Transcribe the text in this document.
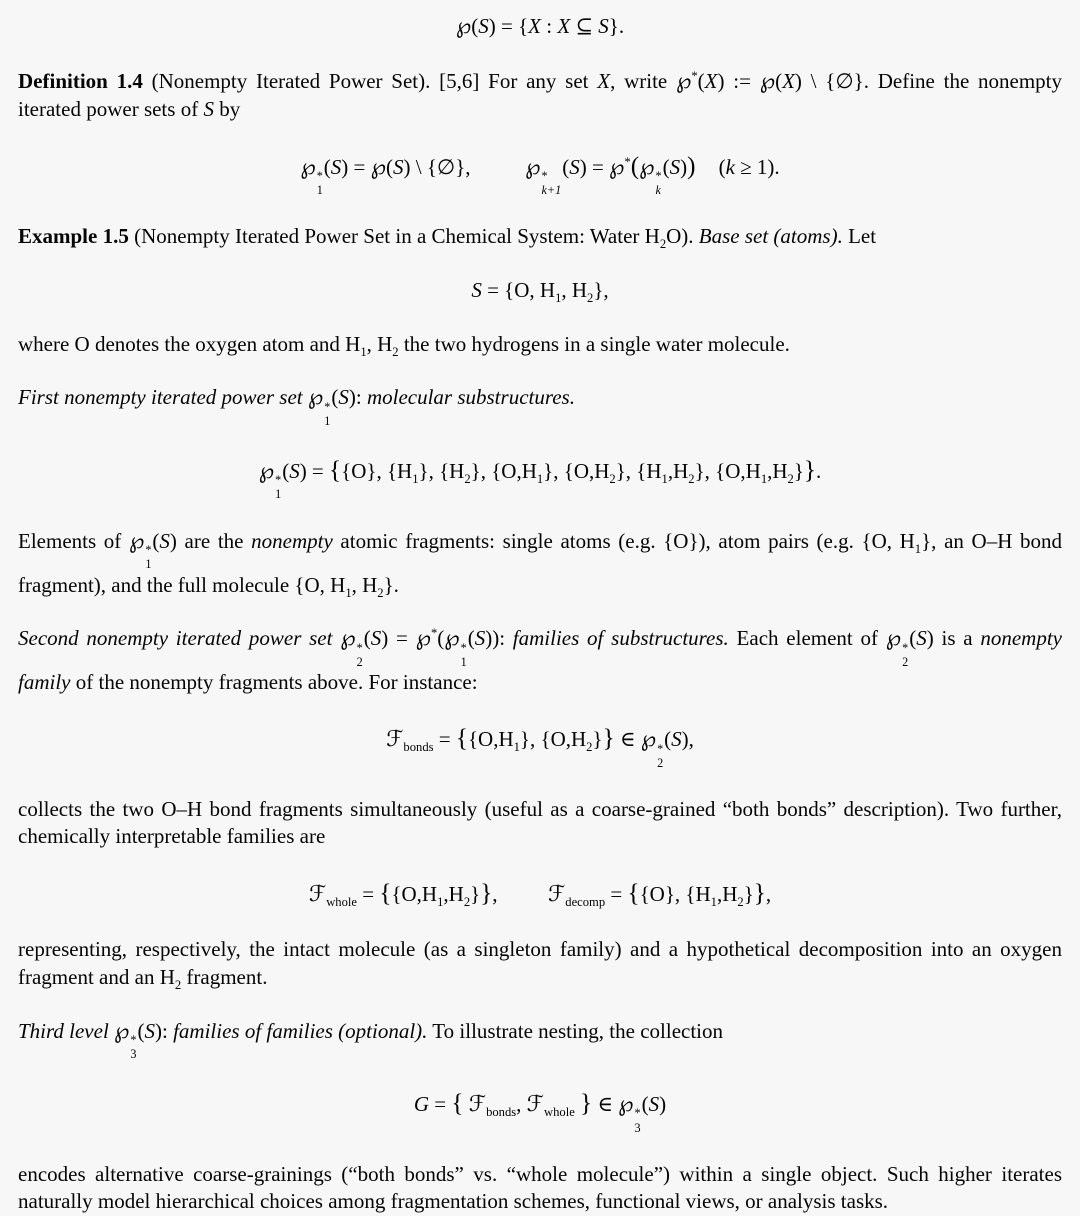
℘(S) = {X : X ⊆ S}.

Definition 1.4 (Nonempty Iterated Power Set). [5,6] For any set X, write ℘*(X) := ℘(X) \ {∅}. Define the nonempty iterated power sets of S by

℘ *
1
(S) = ℘(S) \ {∅}, ℘ *
k+1
(S) = ℘*(℘ *
k
(S)) (k ≥ 1).

Example 1.5 (Nonempty Iterated Power Set in a Chemical System: Water $H_2O$). Base set (atoms). Let

S = {O, $H_1$, $H_2$},

where O denotes the oxygen atom and $H_1$, $H_2$ the two hydrogens in a single water molecule.

First nonempty iterated power set ℘ *
1
(S): molecular substructures.

℘ *
1
(S) = {{O}, $\{H_1\}$, $\{H_2\}$, $\{O,H_1\}$, $\{O,H_2\}$, $\{H_1,H_2\}$, $\{O,H_1,H_2\}$}.

Elements of ℘ *
1
(S) are the nonempty atomic fragments: single atoms (e.g. {O}), atom pairs (e.g. {O, $H_1$}, an O–H bond fragment), and the full molecule {O, $H_1$, $H_2$}.

Second nonempty iterated power set ℘ *
2
(S) = ℘*(℘ *
1
(S)): families of substructures. Each element of ℘ *
2
(S) is a nonempty family of the nonempty fragments above. For instance:

ℱ$_{bonds}$ = {$\{O,H_1\}$, $\{O,H_2\}$} ∈ ℘ *
2
(S),

collects the two O–H bond fragments simultaneously (useful as a coarse-grained “both bonds” description). Two further, chemically interpretable families are

ℱ$_{whole}$ = $\{\{O,H_1,H_2\}\}$, ℱ$_{decomp}$ = {{O}, $\{H_1,H_2\}$},

representing, respectively, the intact molecule (as a singleton family) and a hypothetical decomposition into an oxygen fragment and an $H_2$ fragment.

Third level ℘ *
3
(S): families of families (optional). To illustrate nesting, the collection

G = { ℱ$_{bonds}$, ℱ$_{whole}$ } ∈ ℘ *
3
(S)

encodes alternative coarse-grainings (“both bonds” vs. “whole molecule”) within a single object. Such higher iterates naturally model hierarchical choices among fragmentation schemes, functional views, or analysis tasks.
